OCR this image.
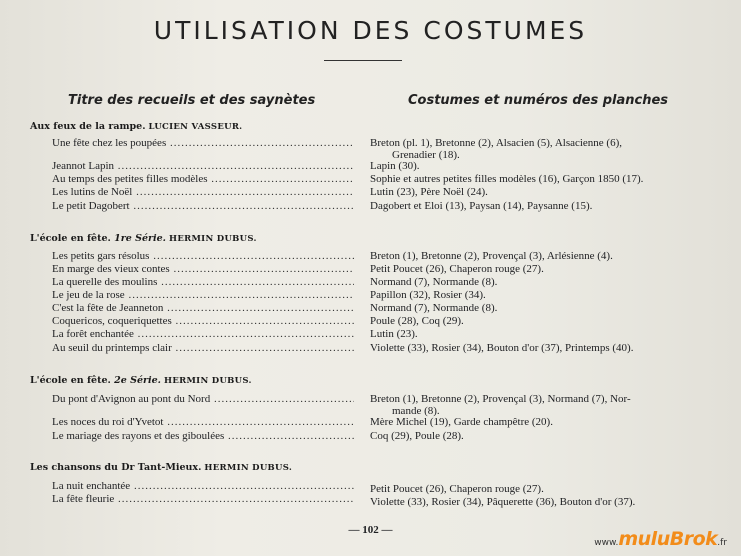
UTILISATION DES COSTUMES
Titre des recueils et des saynètes	Costumes et numéros des planches
Aux feux de la rampe. LUCIEN VASSEUR.
Une fête chez les poupées .....	Breton (pl. 1), Bretonne (2), Alsacien (5), Alsacienne (6),
Grenadier (18).
Jeannot Lapin .....	Lapin (30).
Au temps des petites filles modèles .....	Sophie et autres petites filles modèles (16), Garçon 1850 (17).
Les lutins de Noël .....	Lutin (23), Père Noël (24).
Le petit Dagobert .....	Dagobert et Eloi (13), Paysan (14), Paysanne (15).
L'école en fête. 1re Série. HERMIN DUBUS.
Les petits gars résolus .....	Breton (1), Bretonne (2), Provençal (3), Arlésienne (4).
En marge des vieux contes .....	Petit Poucet (26), Chaperon rouge (27).
La querelle des moulins .....	Normand (7), Normande (8).
Le jeu de la rose .....	Papillon (32), Rosier (34).
C'est la fête de Jeanneton .....	Normand (7), Normande (8).
Coquericos, coqueriquettes .....	Poule (28), Coq (29).
La forêt enchantée .....	Lutin (23).
Au seuil du printemps clair .....	Violette (33), Rosier (34), Bouton d'or (37), Printemps (40).
L'école en fête. 2e Série. HERMIN DUBUS.
Du pont d'Avignon au pont du Nord .....	Breton (1), Bretonne (2), Provençal (3), Normand (7), Nor-
mande (8).
Les noces du roi d'Yvetot .....	Mère Michel (19), Garde champêtre (20).
Le mariage des rayons et des giboulées .....	Coq (29), Poule (28).
Les chansons du Dr Tant-Mieux. HERMIN DUBUS.
La nuit enchantée .....	Petit Poucet (26), Chaperon rouge (27).
La fête fleurie .....	Violette (33), Rosier (34), Pâquerette (36), Bouton d'or (37).
— 102 —
www.muluBrok.fr
